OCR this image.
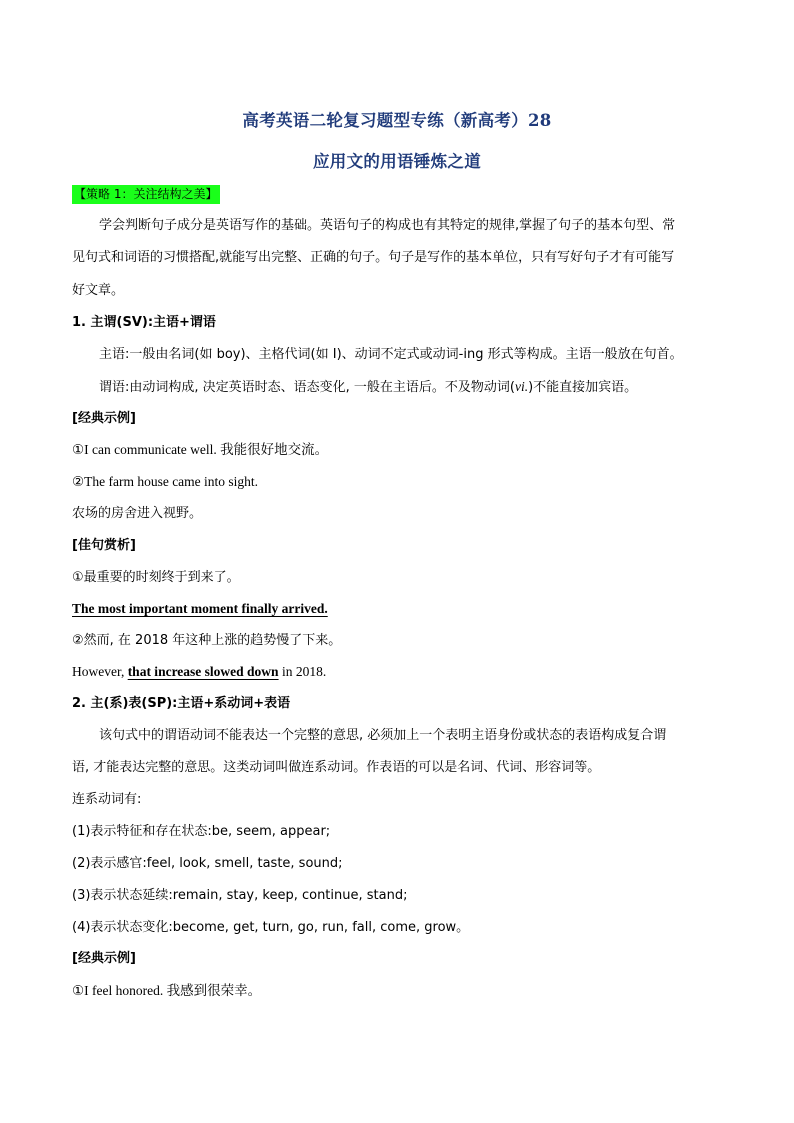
高考英语二轮复习题型专练（新高考）28
应用文的用语锤炼之道
【策略 1：关注结构之美】
学会判断句子成分是英语写作的基础。英语句子的构成也有其特定的规律,掌握了句子的基本句型、常
见句式和词语的习惯搭配,就能写出完整、正确的句子。句子是写作的基本单位，只有写好句子才有可能写
好文章。
1. 主谓(SV):主语+谓语
主语:一般由名词(如 boy)、主格代词(如 I)、动词不定式或动词-ing 形式等构成。主语一般放在句首。
谓语:由动词构成, 决定英语时态、语态变化, 一般在主语后。不及物动词(vi.)不能直接加宾语。
[经典示例]
①I can communicate well. 我能很好地交流。
②The farm house came into sight.
农场的房舍进入视野。
[佳句赏析]
①最重要的时刻终于到来了。
The most important moment finally arrived.
②然而, 在 2018 年这种上涨的趋势慢了下来。
However, that increase slowed down in 2018.
2. 主(系)表(SP):主语+系动词+表语
该句式中的谓语动词不能表达一个完整的意思, 必须加上一个表明主语身份或状态的表语构成复合谓
语, 才能表达完整的意思。这类动词叫做连系动词。作表语的可以是名词、代词、形容词等。
连系动词有:
(1)表示特征和存在状态:be, seem, appear;
(2)表示感官:feel, look, smell, taste, sound;
(3)表示状态延续:remain, stay, keep, continue, stand;
(4)表示状态变化:become, get, turn, go, run, fall, come, grow。
[经典示例]
①I feel honored. 我感到很荣幸。
